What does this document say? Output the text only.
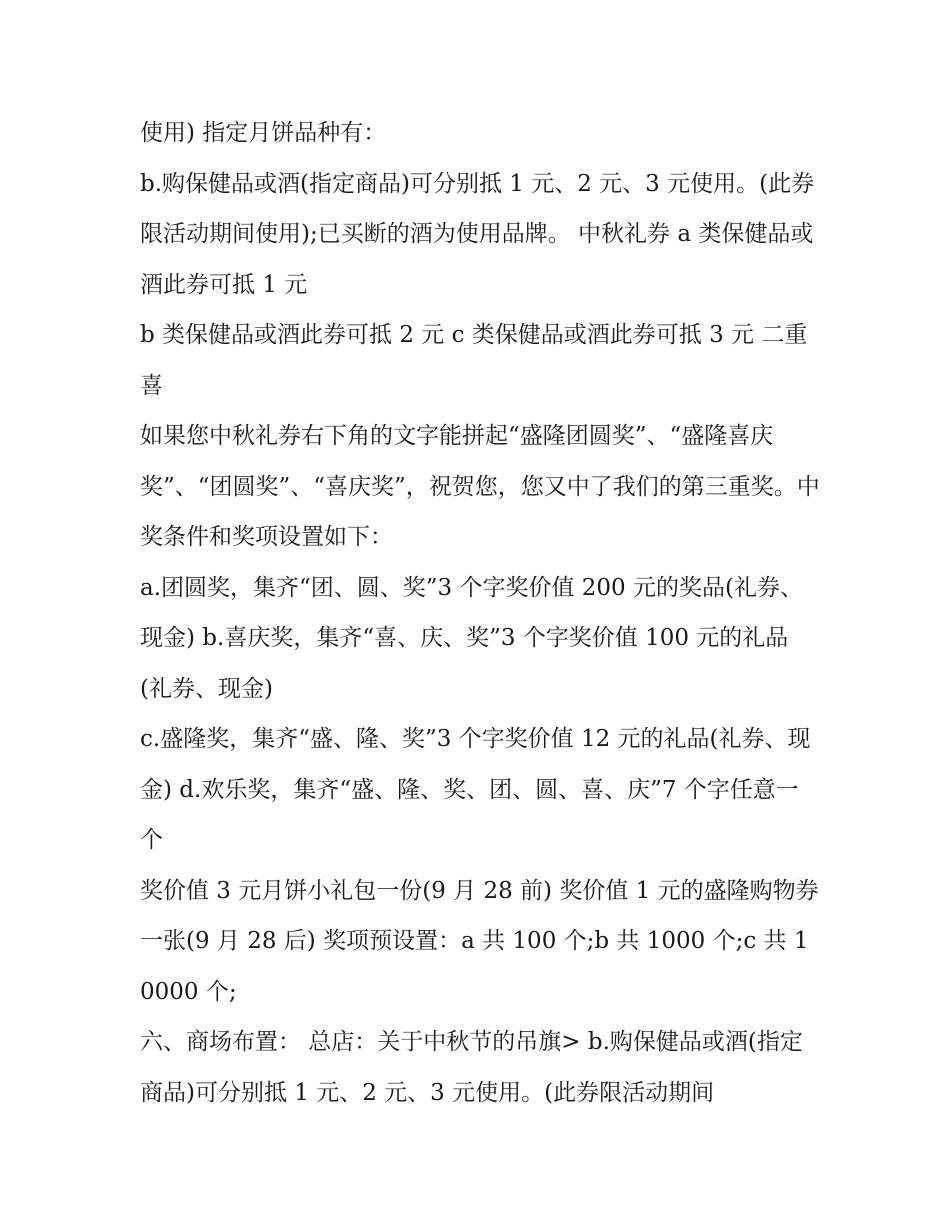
使用) 指定月饼品种有：

b.购保健品或酒(指定商品)可分别抵 1 元、2 元、3 元使用。(此券限活动期间使用);已买断的酒为使用品牌。 中秋礼券 a 类保健品或酒此券可抵 1 元

b 类保健品或酒此券可抵 2 元 c 类保健品或酒此券可抵 3 元 二重喜

如果您中秋礼券右下角的文字能拼起“盛隆团圆奖”、“盛隆喜庆奖”、“团圆奖”、“喜庆奖”，祝贺您，您又中了我们的第三重奖。中奖条件和奖项设置如下：

a.团圆奖，集齐“团、圆、奖”3 个字奖价值 200 元的奖品(礼券、现金) b.喜庆奖，集齐“喜、庆、奖”3 个字奖价值 100 元的礼品(礼券、现金)

c.盛隆奖，集齐“盛、隆、奖”3 个字奖价值 12 元的礼品(礼券、现金) d.欢乐奖，集齐“盛、隆、奖、团、圆、喜、庆”7 个字任意一个

奖价值 3 元月饼小礼包一份(9 月 28 前) 奖价值 1 元的盛隆购物券一张(9 月 28 后) 奖项预设置：a 共 100 个;b 共 1000 个;c 共 10000 个;

六、商场布置： 总店：关于中秋节的吊旗> b.购保健品或酒(指定商品)可分别抵 1 元、2 元、3 元使用。(此券限活动期间
